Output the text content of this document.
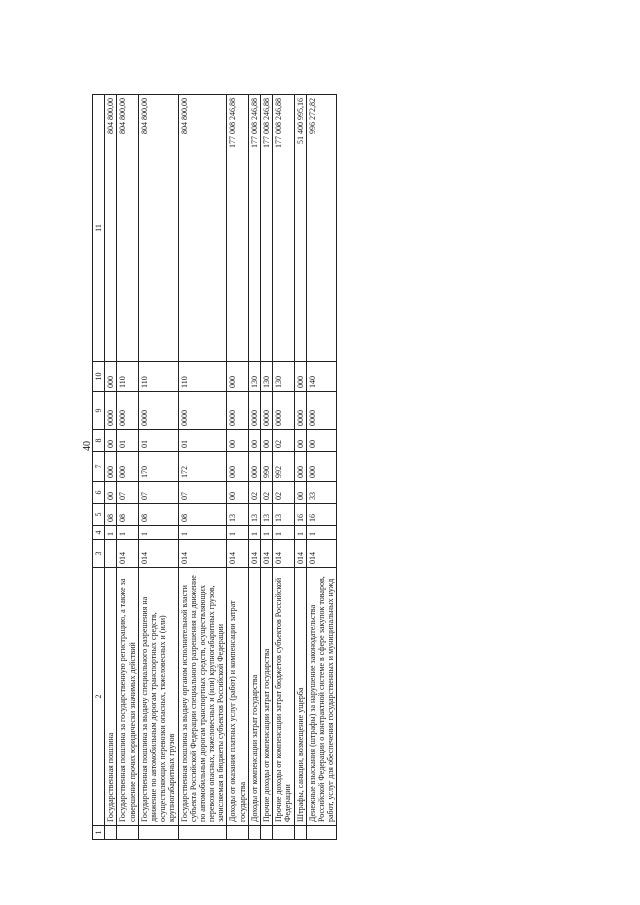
40
1	2	3	4	5	6	7	8	9	10	11
	Государственная пошлина		1	08	00	000	00	0000	000	804 800,00
	Государственная пошлина за государственную регистрацию, а также за совершение прочих юридически значимых действий	014	1	08	07	000	01	0000	110	804 800,00
	Государственная пошлина за выдачу специального разрешения на движение по автомобильным дорогам транспортных средств, осуществляющих перевозки опасных, тяжеловесных и (или) крупногабаритных грузов	014	1	08	07	170	01	0000	110	804 800,00
	Государственная пошлина за выдачу органом исполнительной власти субъекта Российской Федерации специального разрешения на движение по автомобильным дорогам транспортных средств, осуществляющих перевозки опасных, тяжеловесных и (или) крупногабаритных грузов, зачисляемая в бюджеты субъектов Российской Федерации	014	1	08	07	172	01	0000	110	804 800,00
	Доходы от оказания платных услуг (работ) и компенсации затрат государства	014	1	13	00	000	00	0000	000	177 008 246,88
	Доходы от компенсации затрат государства	014	1	13	02	000	00	0000	130	177 008 246,88
	Прочие доходы от компенсации затрат государства	014	1	13	02	990	00	0000	130	177 008 246,88
	Прочие доходы от компенсации затрат бюджетов субъектов Российской Федерации	014	1	13	02	992	02	0000	130	177 008 246,88
	Штрафы, санкции, возмещение ущерба	014	1	16	00	000	00	0000	000	51 400 995,16
	Денежные взыскания (штрафы) за нарушение законодательства Российской Федерации о контрактной системе в сфере закупок товаров, работ, услуг для обеспечения государственных и муниципальных нужд	014	1	16	33	000	00	0000	140	996 272,82
